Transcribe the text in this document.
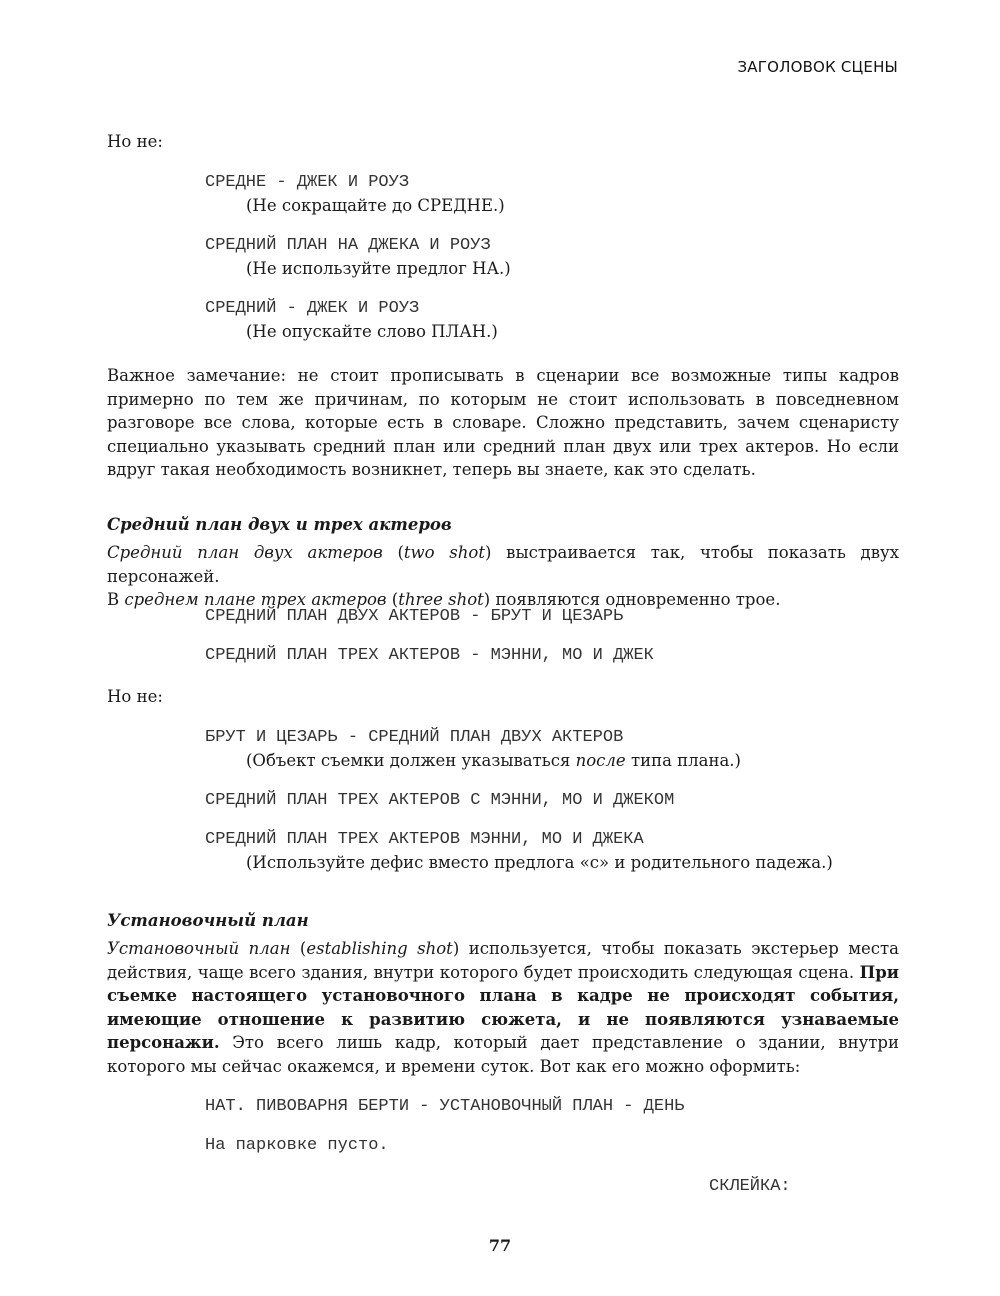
ЗАГОЛОВОК СЦЕНЫ
Но не:
СРЕДНЕ - ДЖЕК И РОУЗ
(Не сокращайте до СРЕДНЕ.)
СРЕДНИЙ ПЛАН НА ДЖЕКА И РОУЗ
(Не используйте предлог НА.)
СРЕДНИЙ - ДЖЕК И РОУЗ
(Не опускайте слово ПЛАН.)
Важное замечание: не стоит прописывать в сценарии все возможные типы кадров примерно по тем же причинам, по которым не стоит использовать в повседневном разговоре все слова, которые есть в словаре. Сложно представить, зачем сценаристу специально указывать средний план или средний план двух или трех актеров. Но если вдруг такая необходимость возникнет, теперь вы знаете, как это сделать.
Средний план двух и трех актеров
Средний план двух актеров (two shot) выстраивается так, чтобы показать двух персонажей.
В среднем плане трех актеров (three shot) появляются одновременно трое.
СРЕДНИЙ ПЛАН ДВУХ АКТЕРОВ - БРУТ И ЦЕЗАРЬ
СРЕДНИЙ ПЛАН ТРЕХ АКТЕРОВ - МЭННИ, МО И ДЖЕК
Но не:
БРУТ И ЦЕЗАРЬ - СРЕДНИЙ ПЛАН ДВУХ АКТЕРОВ
(Объект съемки должен указываться после типа плана.)
СРЕДНИЙ ПЛАН ТРЕХ АКТЕРОВ С МЭННИ, МО И ДЖЕКОМ
СРЕДНИЙ ПЛАН ТРЕХ АКТЕРОВ МЭННИ, МО И ДЖЕКА
(Используйте дефис вместо предлога «с» и родительного падежа.)
Установочный план
Установочный план (establishing shot) используется, чтобы показать экстерьер места действия, чаще всего здания, внутри которого будет происходить следующая сцена. При съемке настоящего установочного плана в кадре не происходят события, имеющие отношение к развитию сюжета, и не появляются узнаваемые персонажи. Это всего лишь кадр, который дает представление о здании, внутри которого мы сейчас окажемся, и времени суток. Вот как его можно оформить:
НАТ. ПИВОВАРНЯ БЕРТИ - УСТАНОВОЧНЫЙ ПЛАН - ДЕНЬ
На парковке пусто.
СКЛЕЙКА:
77
